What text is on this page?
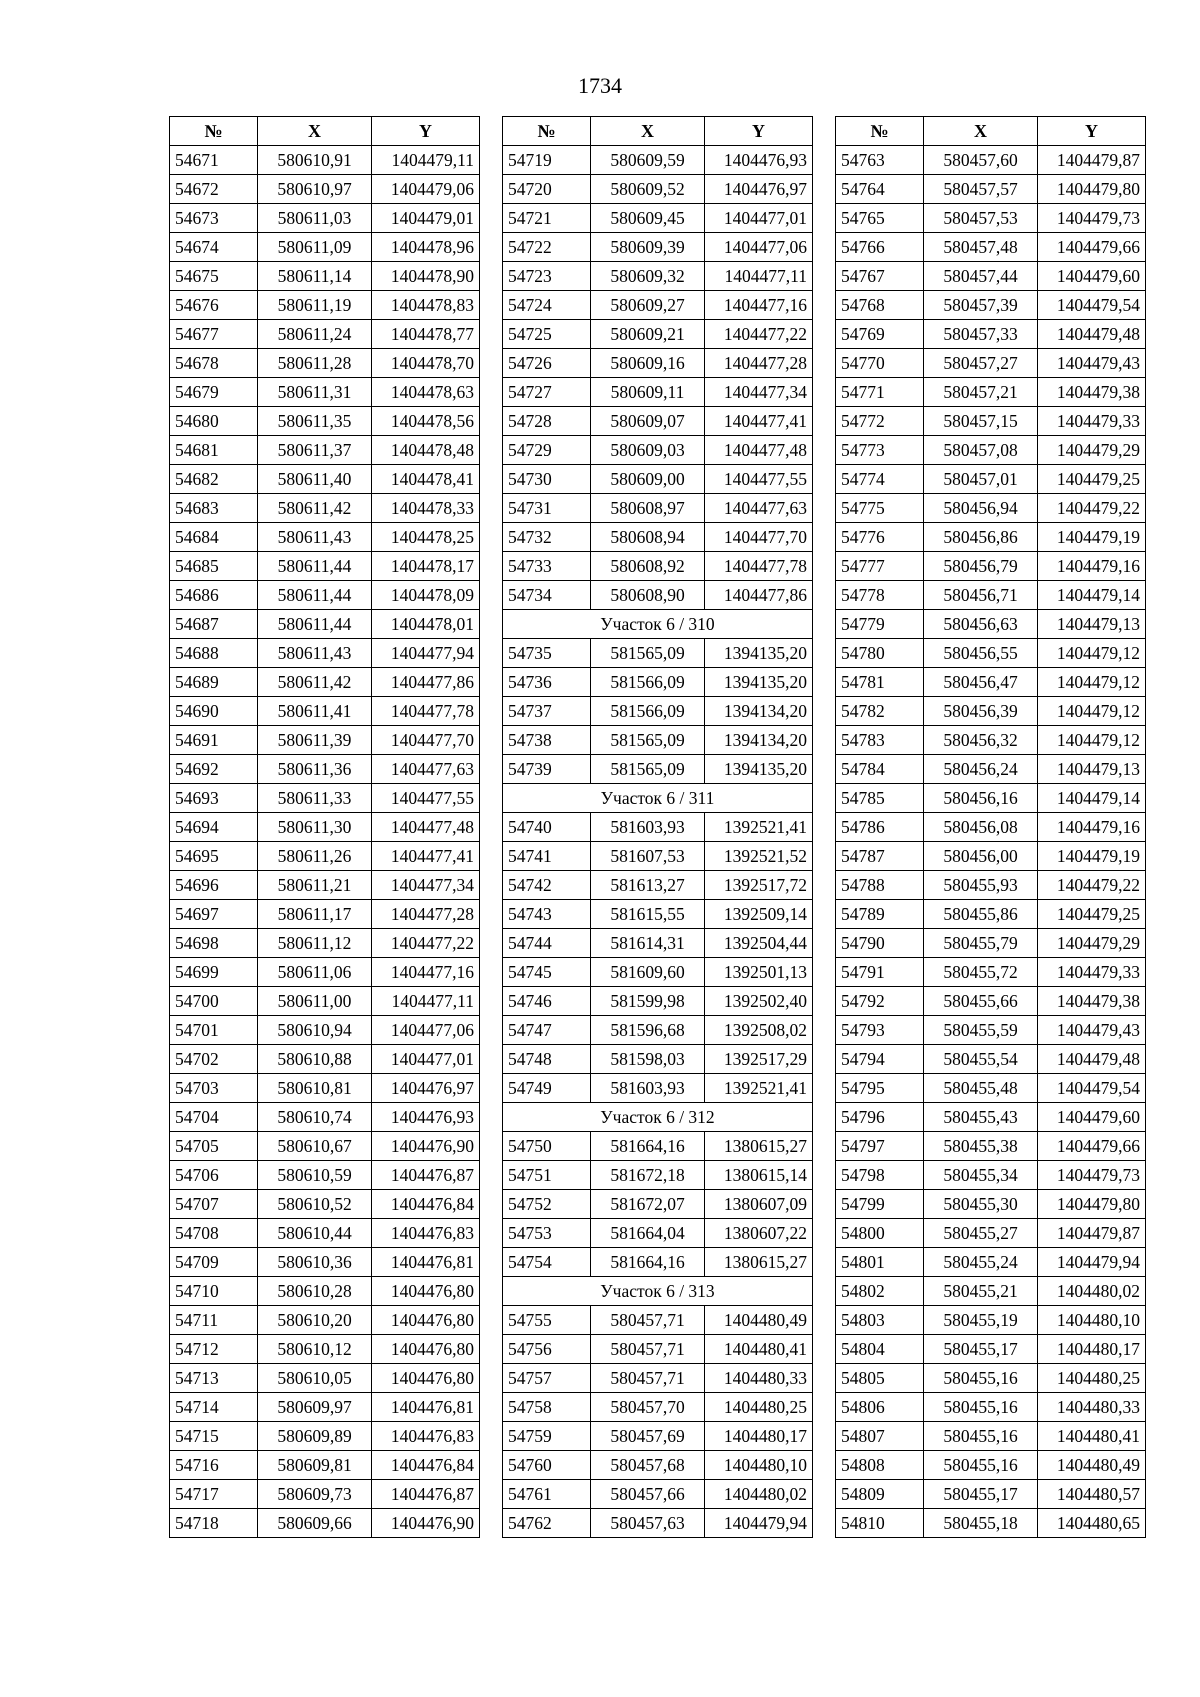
1734
№	X	Y
54671	580610,91	1404479,11
54672	580610,97	1404479,06
54673	580611,03	1404479,01
54674	580611,09	1404478,96
54675	580611,14	1404478,90
54676	580611,19	1404478,83
54677	580611,24	1404478,77
54678	580611,28	1404478,70
54679	580611,31	1404478,63
54680	580611,35	1404478,56
54681	580611,37	1404478,48
54682	580611,40	1404478,41
54683	580611,42	1404478,33
54684	580611,43	1404478,25
54685	580611,44	1404478,17
54686	580611,44	1404478,09
54687	580611,44	1404478,01
54688	580611,43	1404477,94
54689	580611,42	1404477,86
54690	580611,41	1404477,78
54691	580611,39	1404477,70
54692	580611,36	1404477,63
54693	580611,33	1404477,55
54694	580611,30	1404477,48
54695	580611,26	1404477,41
54696	580611,21	1404477,34
54697	580611,17	1404477,28
54698	580611,12	1404477,22
54699	580611,06	1404477,16
54700	580611,00	1404477,11
54701	580610,94	1404477,06
54702	580610,88	1404477,01
54703	580610,81	1404476,97
54704	580610,74	1404476,93
54705	580610,67	1404476,90
54706	580610,59	1404476,87
54707	580610,52	1404476,84
54708	580610,44	1404476,83
54709	580610,36	1404476,81
54710	580610,28	1404476,80
54711	580610,20	1404476,80
54712	580610,12	1404476,80
54713	580610,05	1404476,80
54714	580609,97	1404476,81
54715	580609,89	1404476,83
54716	580609,81	1404476,84
54717	580609,73	1404476,87
54718	580609,66	1404476,90
№	X	Y
54719	580609,59	1404476,93
54720	580609,52	1404476,97
54721	580609,45	1404477,01
54722	580609,39	1404477,06
54723	580609,32	1404477,11
54724	580609,27	1404477,16
54725	580609,21	1404477,22
54726	580609,16	1404477,28
54727	580609,11	1404477,34
54728	580609,07	1404477,41
54729	580609,03	1404477,48
54730	580609,00	1404477,55
54731	580608,97	1404477,63
54732	580608,94	1404477,70
54733	580608,92	1404477,78
54734	580608,90	1404477,86
Участок 6 / 310		
54735	581565,09	1394135,20
54736	581566,09	1394135,20
54737	581566,09	1394134,20
54738	581565,09	1394134,20
54739	581565,09	1394135,20
Участок 6 / 311		
54740	581603,93	1392521,41
54741	581607,53	1392521,52
54742	581613,27	1392517,72
54743	581615,55	1392509,14
54744	581614,31	1392504,44
54745	581609,60	1392501,13
54746	581599,98	1392502,40
54747	581596,68	1392508,02
54748	581598,03	1392517,29
54749	581603,93	1392521,41
Участок 6 / 312		
54750	581664,16	1380615,27
54751	581672,18	1380615,14
54752	581672,07	1380607,09
54753	581664,04	1380607,22
54754	581664,16	1380615,27
Участок 6 / 313		
54755	580457,71	1404480,49
54756	580457,71	1404480,41
54757	580457,71	1404480,33
54758	580457,70	1404480,25
54759	580457,69	1404480,17
54760	580457,68	1404480,10
54761	580457,66	1404480,02
54762	580457,63	1404479,94
№	X	Y
54763	580457,60	1404479,87
54764	580457,57	1404479,80
54765	580457,53	1404479,73
54766	580457,48	1404479,66
54767	580457,44	1404479,60
54768	580457,39	1404479,54
54769	580457,33	1404479,48
54770	580457,27	1404479,43
54771	580457,21	1404479,38
54772	580457,15	1404479,33
54773	580457,08	1404479,29
54774	580457,01	1404479,25
54775	580456,94	1404479,22
54776	580456,86	1404479,19
54777	580456,79	1404479,16
54778	580456,71	1404479,14
54779	580456,63	1404479,13
54780	580456,55	1404479,12
54781	580456,47	1404479,12
54782	580456,39	1404479,12
54783	580456,32	1404479,12
54784	580456,24	1404479,13
54785	580456,16	1404479,14
54786	580456,08	1404479,16
54787	580456,00	1404479,19
54788	580455,93	1404479,22
54789	580455,86	1404479,25
54790	580455,79	1404479,29
54791	580455,72	1404479,33
54792	580455,66	1404479,38
54793	580455,59	1404479,43
54794	580455,54	1404479,48
54795	580455,48	1404479,54
54796	580455,43	1404479,60
54797	580455,38	1404479,66
54798	580455,34	1404479,73
54799	580455,30	1404479,80
54800	580455,27	1404479,87
54801	580455,24	1404479,94
54802	580455,21	1404480,02
54803	580455,19	1404480,10
54804	580455,17	1404480,17
54805	580455,16	1404480,25
54806	580455,16	1404480,33
54807	580455,16	1404480,41
54808	580455,16	1404480,49
54809	580455,17	1404480,57
54810	580455,18	1404480,65
